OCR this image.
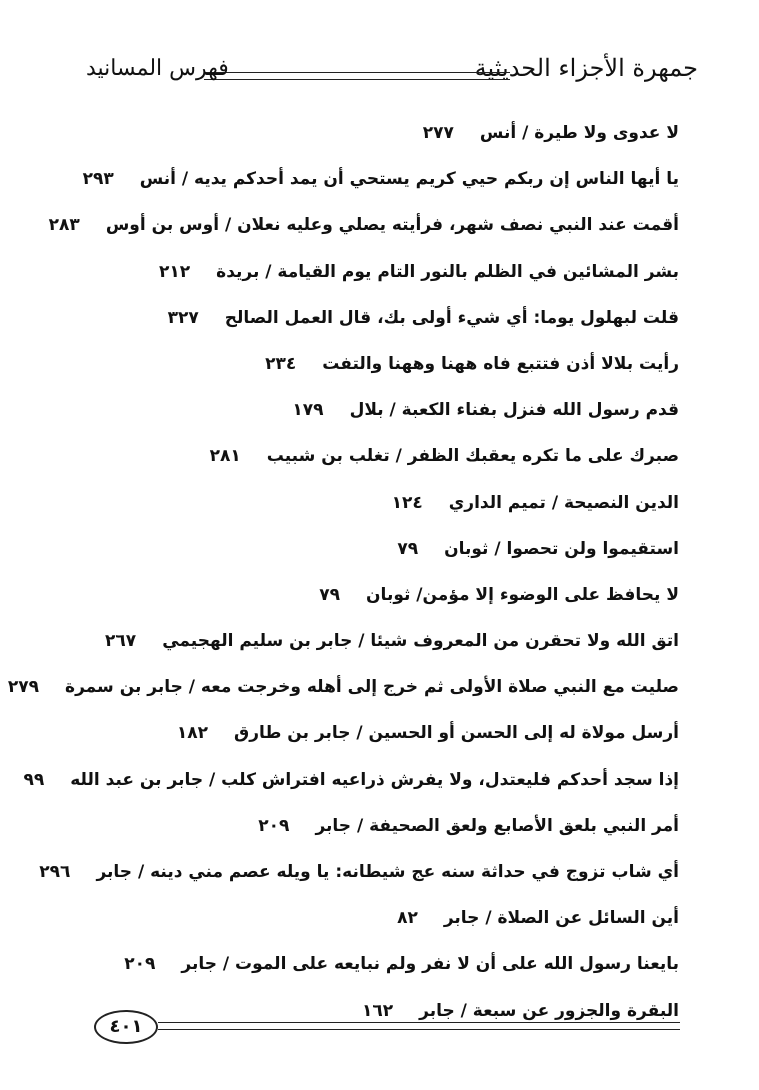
جمهرة الأجزاء الحديثية
فهرس المسانيد
لا عدوى ولا طيرة / أنس٢٧٧
يا أيها الناس إن ربكم حيي كريم يستحي أن يمد أحدكم يديه / أنس٢٩٣
أقمت عند النبي نصف شهر، فرأيته يصلي وعليه نعلان / أوس بن أوس٢٨٣
بشر المشائين في الظلم بالنور التام يوم القيامة / بريدة٢١٢
قلت لبهلول يوما: أي شيء أولى بك، قال العمل الصالح٣٢٧
رأيت بلالا أذن فتتبع فاه ههنا وههنا والتفت٢٣٤
قدم رسول الله فنزل بفناء الكعبة / بلال١٧٩
صبرك على ما تكره يعقبك الظفر / تغلب بن شبيب٢٨١
الدين النصيحة / تميم الداري١٢٤
استقيموا ولن تحصوا / ثوبان٧٩
لا يحافظ على الوضوء إلا مؤمن/ ثوبان٧٩
اتق الله ولا تحقرن من المعروف شيئا / جابر بن سليم الهجيمي٢٦٧
صليت مع النبي صلاة الأولى ثم خرج إلى أهله وخرجت معه / جابر بن سمرة٢٧٩
أرسل مولاة له إلى الحسن أو الحسين / جابر بن طارق١٨٢
إذا سجد أحدكم فليعتدل، ولا يفرش ذراعيه افتراش كلب / جابر بن عبد الله٩٩
أمر النبي بلعق الأصابع ولعق الصحيفة / جابر٢٠٩
أي شاب تزوج في حداثة سنه عج شيطانه: يا ويله عصم مني دينه / جابر٢٩٦
أين السائل عن الصلاة / جابر٨٢
بايعنا رسول الله على أن لا نفر ولم نبايعه على الموت / جابر٢٠٩
البقرة والجزور عن سبعة / جابر١٦٢
٤٠١
